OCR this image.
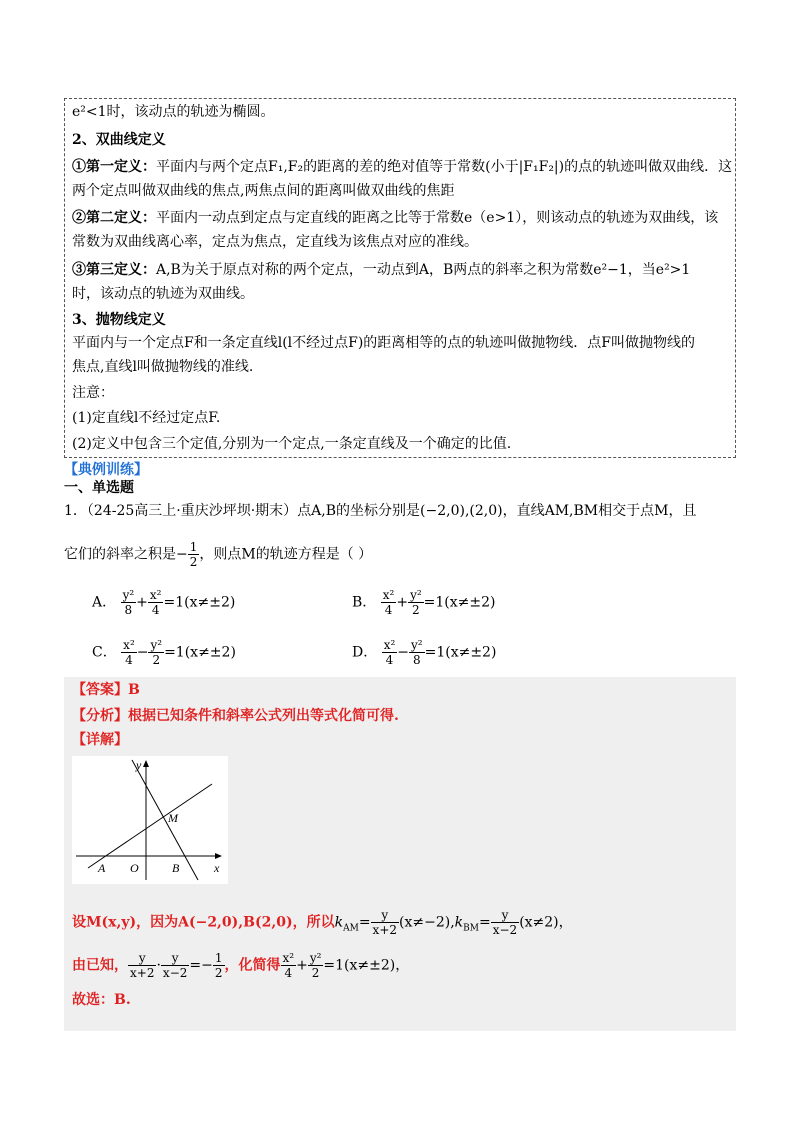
e²<1时，该动点的轨迹为椭圆。
2、双曲线定义
①第一定义：平面内与两个定点F₁,F₂的距离的差的绝对值等于常数(小于|F₁F₂|)的点的轨迹叫做双曲线．这
两个定点叫做双曲线的焦点,两焦点间的距离叫做双曲线的焦距
②第二定义：平面内一动点到定点与定直线的距离之比等于常数e（e>1），则该动点的轨迹为双曲线，该
常数为双曲线离心率，定点为焦点，定直线为该焦点对应的准线。
③第三定义：A,B为关于原点对称的两个定点，一动点到A，B两点的斜率之积为常数e²−1，当e²>1
时，该动点的轨迹为双曲线。
3、抛物线定义
平面内与一个定点F和一条定直线l(l不经过点F)的距离相等的点的轨迹叫做抛物线．点F叫做抛物线的
焦点,直线l叫做抛物线的准线.
注意：
(1)定直线l不经过定点F.
(2)定义中包含三个定值,分别为一个定点,一条定直线及一个确定的比值.
【典例训练】
一、单选题
1．（24-25高三上·重庆沙坪坝·期末）点A,B的坐标分别是(−2,0),(2,0)，直线AM,BM相交于点M，且
它们的斜率之积是− $\frac{1}{2}$ ，则点M的轨迹方程是（ ）
A． $\frac{\text{y²}}{8} + \frac{\text{x²}}{4} =1(x\ne\pm 2)$	B． $\frac{\text{x²}}{4} + \frac{\text{y²}}{2} =1(x\ne\pm 2)$
C． $\frac{\text{x²}}{4} - \frac{\text{y²}}{2} =1(x\ne\pm 2)$	D． $\frac{\text{x²}}{4} - \frac{\text{y²}}{8} =1(x\ne\pm 2)$
【答案】B
【分析】根据已知条件和斜率公式列出等式化简可得.
【详解】
y
x
M
A O	B
设M(x,y)，因为A(−2,0),B(2,0)，所以$k_{AM}= \frac{y}{x+2} (x\ne-2),k_{BM}= \frac{y}{x-2} (x\ne 2)$，
由已知， $\frac{y}{x+2} \cdot \frac{y}{x-2} =- \frac{1}{2}$ ，化简得 $\frac{\text{x²}}{4} + \frac{\text{y²}}{2} =1(x\ne\pm 2)$，
故选：B.
